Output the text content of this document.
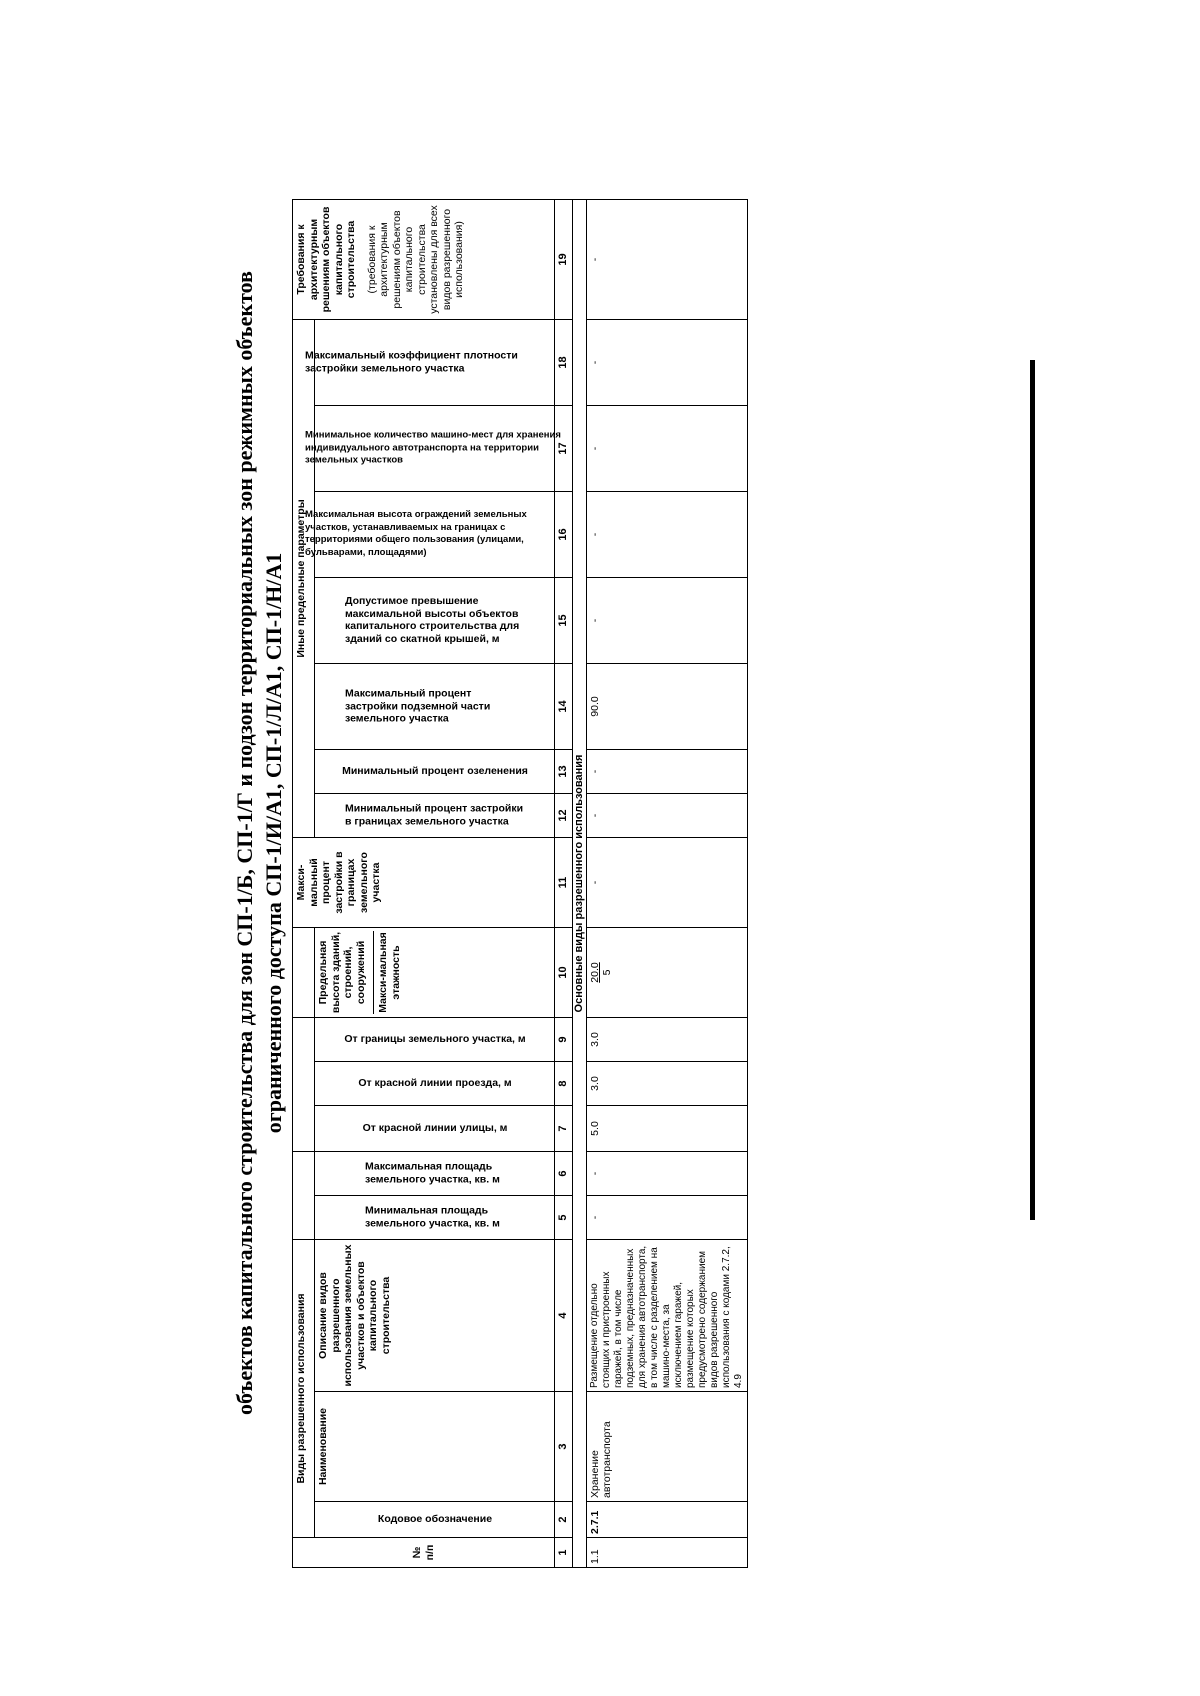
объектов капитального строительства для зон СП-1/Б, СП-1/Г и подзон территориальных зон режимных объектов ограниченного доступа СП-1/И/А1, СП-1/Л/А1, СП-1/Н/А1
№ п/п	Виды разрешенного использования									Макси-мальный процент застройки в границах земельного участка	Иные предельные параметры							Требования к архитектурным решениям объектов капитального строительства (требования к архитектурным решениям объектов капитального строительства установлены для всех видов разрешенного использования)

	Кодовое обозначение	Наименование	Описание видов разрешенного использования земельных участков и объектов капитального строительства	Минимальная площадь земельного участка, кв. м	Максимальная площадь земельного участка, кв. м	От красной линии улицы, м	От красной линии проезда, м	От границы земельного участка, м	Предельная высота зданий, строений, сооружений Макси-мальная этажность		Минимальный процент застройки в границах земельного участка	Минимальный процент озеленения	Максимальный процент застройки подземной части земельного участка	Допустимое превышение максимальной высоты объектов капитального строительства для зданий со скатной крышей, м	Максимальная высота ограждений земельных участков, устанавливаемых на границах с территориями общего пользования (улицами, бульварами, площадями)	Минимальное количество машино-мест для хранения индивидуального автотранспорта на территории земельных участков	Максимальный коэффициент плотности застройки земельного участка	

1	2	3	4	5	6	7	8	9	10	11	12	13	14	15	16	17	18	19
Основные виды разрешенного использования																		
1.1	2.7.1	Хранение автотранспорта	Размещение отдельно стоящих и пристроенных гаражей, в том числе подземных, предназначенных для хранения автотранспорта, в том числе с разделением на машино-места, за исключением гаражей, размещение которых предусмотрено содержанием видов разрешенного использования с кодами 2.7.2, 4.9	-	-	5.0	3.0	3.0	20.0 5	-	-	-	90.0	-	-	-	-	-
